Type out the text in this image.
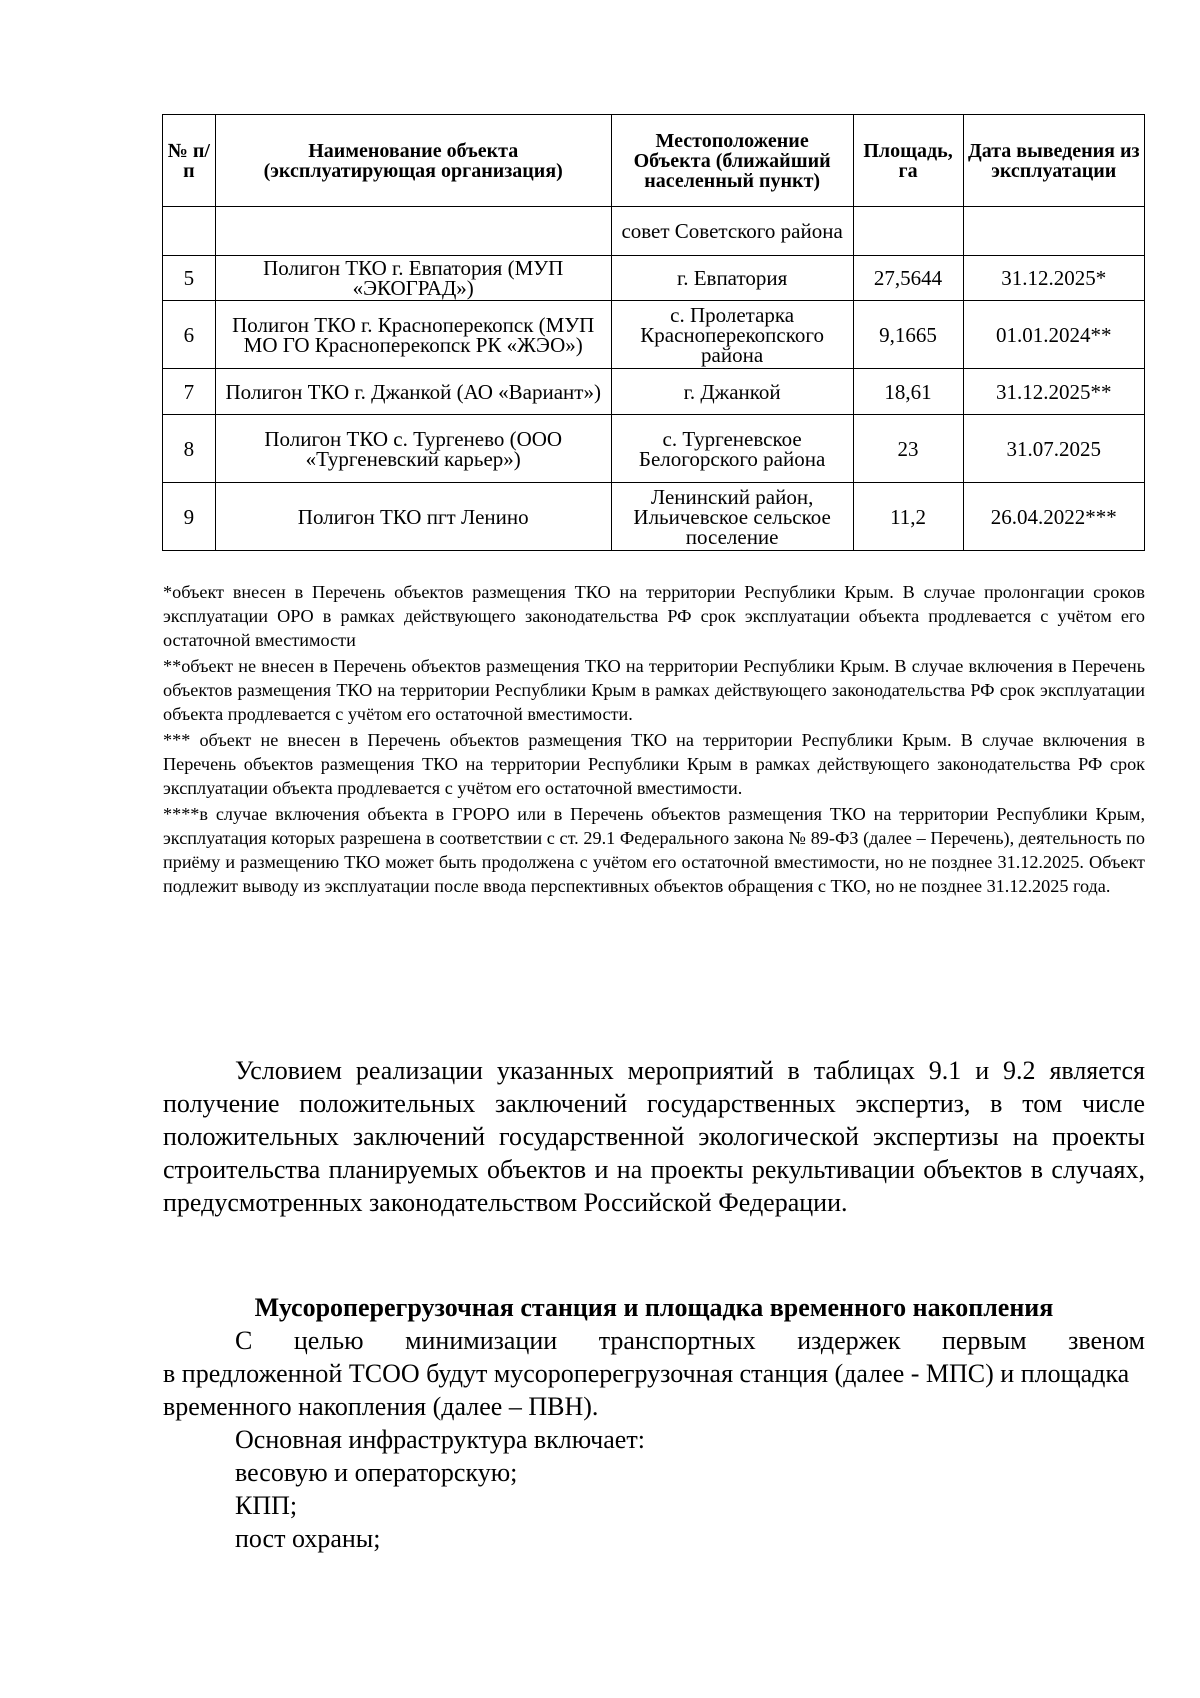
№ п/п	Наименование объекта (эксплуатирующая организация)	Местоположение Объекта (ближайший населенный пункт)	Площадь, га	Дата выведения из эксплуатации
		совет Советского района		
5	Полигон ТКО г. Евпатория (МУП «ЭКОГРАД»)	г. Евпатория	27,5644	31.12.2025*
6	Полигон ТКО г. Красноперекопск (МУП МО ГО Красноперекопск РК «ЖЭО»)	с. Пролетарка Красноперекопского района	9,1665	01.01.2024**
7	Полигон ТКО г. Джанкой (АО «Вариант»)	г. Джанкой	18,61	31.12.2025**
8	Полигон ТКО с. Тургенево (ООО «Тургеневский карьер»)	с. Тургеневское Белогорского района	23	31.07.2025
9	Полигон ТКО пгт Ленино	Ленинский район, Ильичевское сельское поселение	11,2	26.04.2022***

*объект внесен в Перечень объектов размещения ТКО на территории Республики Крым. В случае пролонгации сроков эксплуатации ОРО в рамках действующего законодательства РФ срок эксплуатации объекта продлевается с учётом его остаточной вместимости

**объект не внесен в Перечень объектов размещения ТКО на территории Республики Крым. В случае включения в Перечень объектов размещения ТКО на территории Республики Крым в рамках действующего законодательства РФ срок эксплуатации объекта продлевается с учётом его остаточной вместимости.

*** объект не внесен в Перечень объектов размещения ТКО на территории Республики Крым. В случае включения в Перечень объектов размещения ТКО на территории Республики Крым в рамках действующего законодательства РФ срок эксплуатации объекта продлевается с учётом его остаточной вместимости.

****в случае включения объекта в ГРОРО или в Перечень объектов размещения ТКО на территории Республики Крым, эксплуатация которых разрешена в соответствии с ст. 29.1 Федерального закона № 89-ФЗ (далее – Перечень), деятельность по приёму и размещению ТКО может быть продолжена с учётом его остаточной вместимости, но не позднее 31.12.2025. Объект подлежит выводу из эксплуатации после ввода перспективных объектов обращения с ТКО, но не позднее 31.12.2025 года.

Условием реализации указанных мероприятий в таблицах 9.1 и 9.2 является получение положительных заключений государственных экспертиз, в том числе положительных заключений государственной экологической экспертизы на проекты строительства планируемых объектов и на проекты рекультивации объектов в случаях, предусмотренных законодательством Российской Федерации.

Мусороперегрузочная станция и площадка временного накопления
С целью минимизации транспортных издержек первым звеном

в предложенной ТСОО будут мусороперегрузочная станция (далее - МПС) и площадка временного накопления (далее – ПВН).

Основная инфраструктура включает:
весовую и операторскую;
КПП;
пост охраны;
